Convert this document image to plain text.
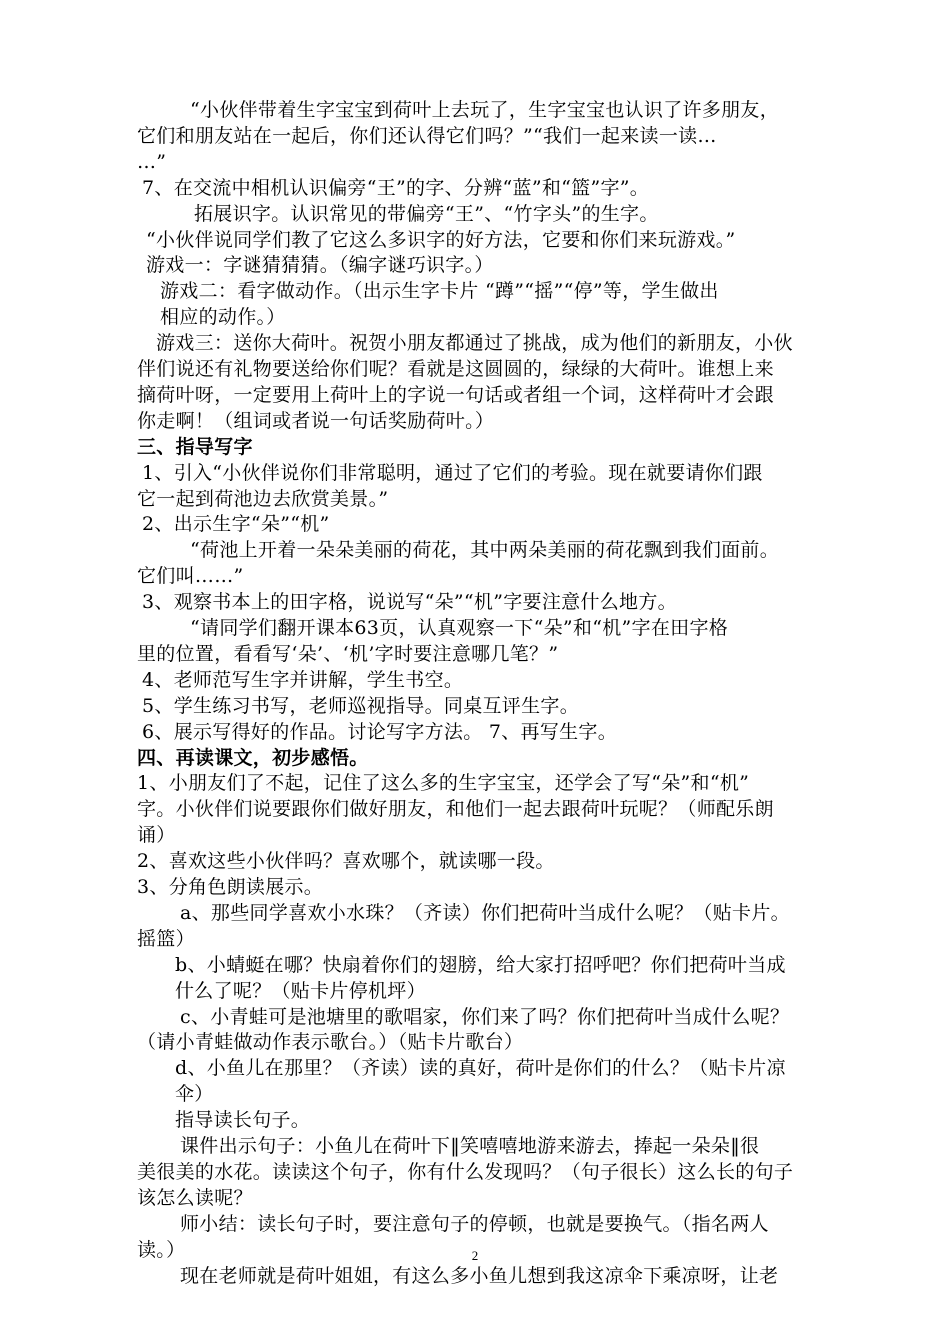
“小伙伴带着生字宝宝到荷叶上去玩了，生字宝宝也认识了许多朋友，
它们和朋友站在一起后，你们还认得它们吗？”“我们一起来读一读…
…”
7、在交流中相机认识偏旁“王”的字、分辨“蓝”和“篮”字”。
拓展识字。认识常见的带偏旁“王”、“竹字头”的生字。
“小伙伴说同学们教了它这么多识字的好方法，它要和你们来玩游戏。”
游戏一：字谜猜猜猜。（编字谜巧识字。）
游戏二：看字做动作。（出示生字卡片 “蹲”“摇”“停”等，学生做出
相应的动作。）
游戏三：送你大荷叶。祝贺小朋友都通过了挑战，成为他们的新朋友，小伙
伴们说还有礼物要送给你们呢？看就是这圆圆的，绿绿的大荷叶。谁想上来
摘荷叶呀，一定要用上荷叶上的字说一句话或者组一个词，这样荷叶才会跟
你走啊！（组词或者说一句话奖励荷叶。）
三、指导写字
1、引入“小伙伴说你们非常聪明，通过了它们的考验。现在就要请你们跟
它一起到荷池边去欣赏美景。”
2、出示生字“朵”“机”
“荷池上开着一朵朵美丽的荷花，其中两朵美丽的荷花飘到我们面前。
它们叫……”
3、观察书本上的田字格，说说写“朵”“机”字要注意什么地方。
“请同学们翻开课本63页，认真观察一下“朵”和“机”字在田字格
里的位置，看看写‘朵’、‘机’字时要注意哪几笔？”
4、老师范写生字并讲解，学生书空。
5、学生练习书写，老师巡视指导。同桌互评生字。
6、展示写得好的作品。讨论写字方法。 7、再写生字。
四、再读课文，初步感悟。
1、小朋友们了不起，记住了这么多的生字宝宝，还学会了写“朵”和“机”
字。小伙伴们说要跟你们做好朋友，和他们一起去跟荷叶玩呢？（师配乐朗
诵）
2、喜欢这些小伙伴吗？喜欢哪个，就读哪一段。
3、分角色朗读展示。
a、那些同学喜欢小水珠？（齐读）你们把荷叶当成什么呢？（贴卡片。
摇篮）
b、小蜻蜓在哪？快扇着你们的翅膀，给大家打招呼吧？你们把荷叶当成
什么了呢？（贴卡片停机坪）
c、小青蛙可是池塘里的歌唱家，你们来了吗？你们把荷叶当成什么呢？
（请小青蛙做动作表示歌台。）（贴卡片歌台）
d、小鱼儿在那里？（齐读）读的真好，荷叶是你们的什么？（贴卡片凉
伞）
指导读长句子。
课件出示句子：小鱼儿在荷叶下‖笑嘻嘻地游来游去，捧起一朵朵‖很
美很美的水花。读读这个句子，你有什么发现吗？（句子很长）这么长的句子
该怎么读呢？
师小结：读长句子时，要注意句子的停顿，也就是要换气。（指名两人
读。）
现在老师就是荷叶姐姐，有这么多小鱼儿想到我这凉伞下乘凉呀，让老
2
